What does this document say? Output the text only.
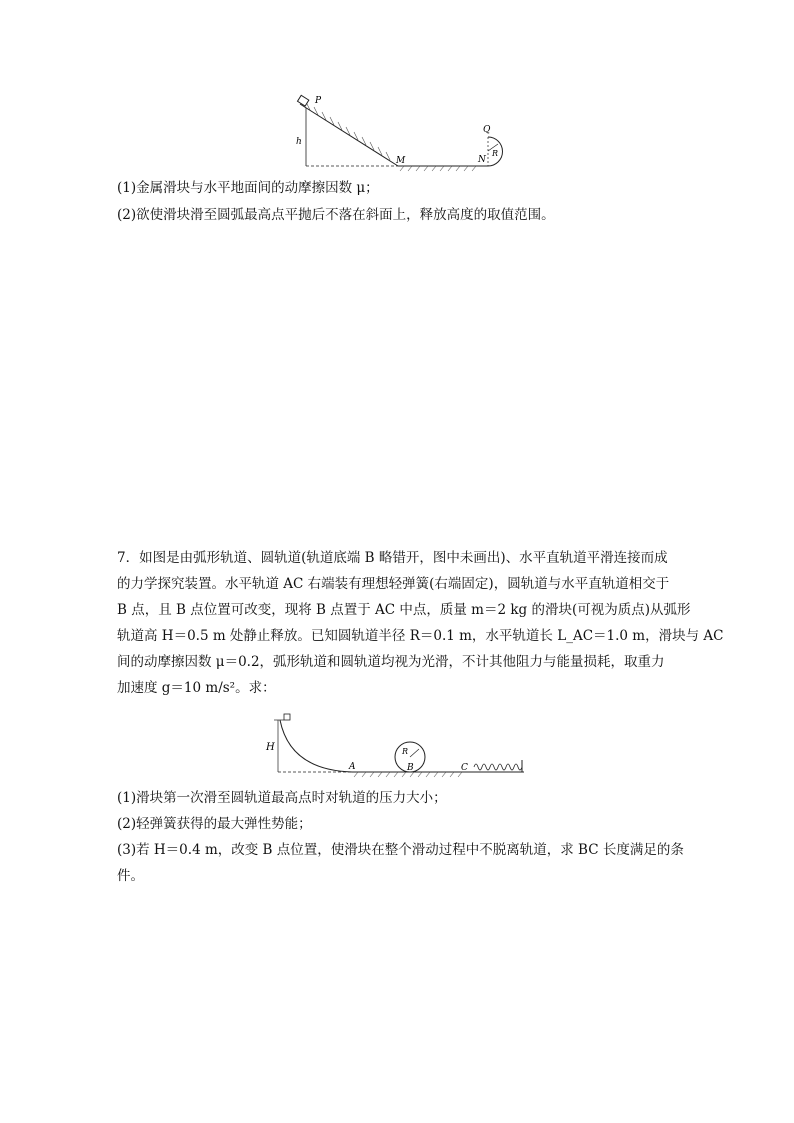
P
h
M
Q
N
R
(1)金属滑块与水平地面间的动摩擦因数 μ；
(2)欲使滑块滑至圆弧最高点平抛后不落在斜面上，释放高度的取值范围。
7．如图是由弧形轨道、圆轨道(轨道底端 B 略错开，图中未画出)、水平直轨道平滑连接而成
的力学探究装置。水平轨道 AC 右端装有理想轻弹簧(右端固定)，圆轨道与水平直轨道相交于
B 点，且 B 点位置可改变，现将 B 点置于 AC 中点，质量 m＝2 kg 的滑块(可视为质点)从弧形
轨道高 H＝0.5 m 处静止释放。已知圆轨道半径 R＝0.1 m，水平轨道长 L_AC＝1.0 m，滑块与 AC
间的动摩擦因数 μ＝0.2，弧形轨道和圆轨道均视为光滑，不计其他阻力与能量损耗，取重力
加速度 g＝10 m/s²。求：
H	R
A	B	C
(1)滑块第一次滑至圆轨道最高点时对轨道的压力大小；
(2)轻弹簧获得的最大弹性势能；
(3)若 H＝0.4 m，改变 B 点位置，使滑块在整个滑动过程中不脱离轨道，求 BC 长度满足的条
件。
